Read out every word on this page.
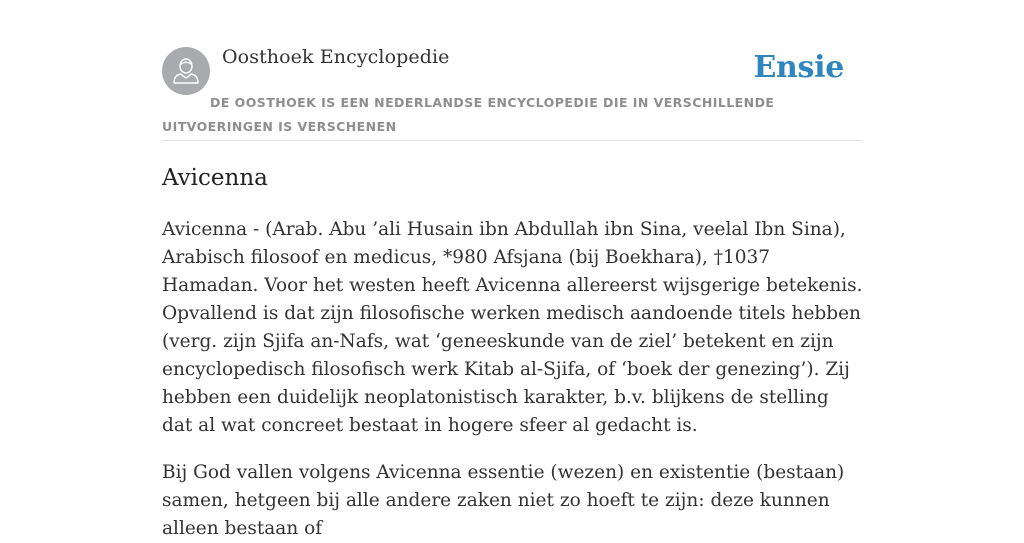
Oosthoek Encyclopedie	Ensie
DE OOSTHOEK IS EEN NEDERLANDSE ENCYCLOPEDIE DIE IN VERSCHILLENDE UITVOERINGEN IS VERSCHENEN
Avicenna

Avicenna - (Arab. Abu ’ali Husain ibn Abdullah ibn Sina, veelal Ibn Sina), Arabisch filosoof en medicus, *980 Afsjana (bij Boekhara), †1037 Hamadan. Voor het westen heeft Avicenna allereerst wijsgerige betekenis. Opvallend is dat zijn filosofische werken medisch aandoende titels hebben (verg. zijn Sjifa an-Nafs, wat ‘geneeskunde van de ziel’ betekent en zijn encyclopedisch filosofisch werk Kitab al-Sjifa, of ‘boek der genezing’). Zij hebben een duidelijk neoplatonistisch karakter, b.v. blijkens de stelling dat al wat concreet bestaat in hogere sfeer al gedacht is.

Bij God vallen volgens Avicenna essentie (wezen) en existentie (bestaan) samen, hetgeen bij alle andere zaken niet zo hoeft te zijn: deze kunnen alleen bestaan of
